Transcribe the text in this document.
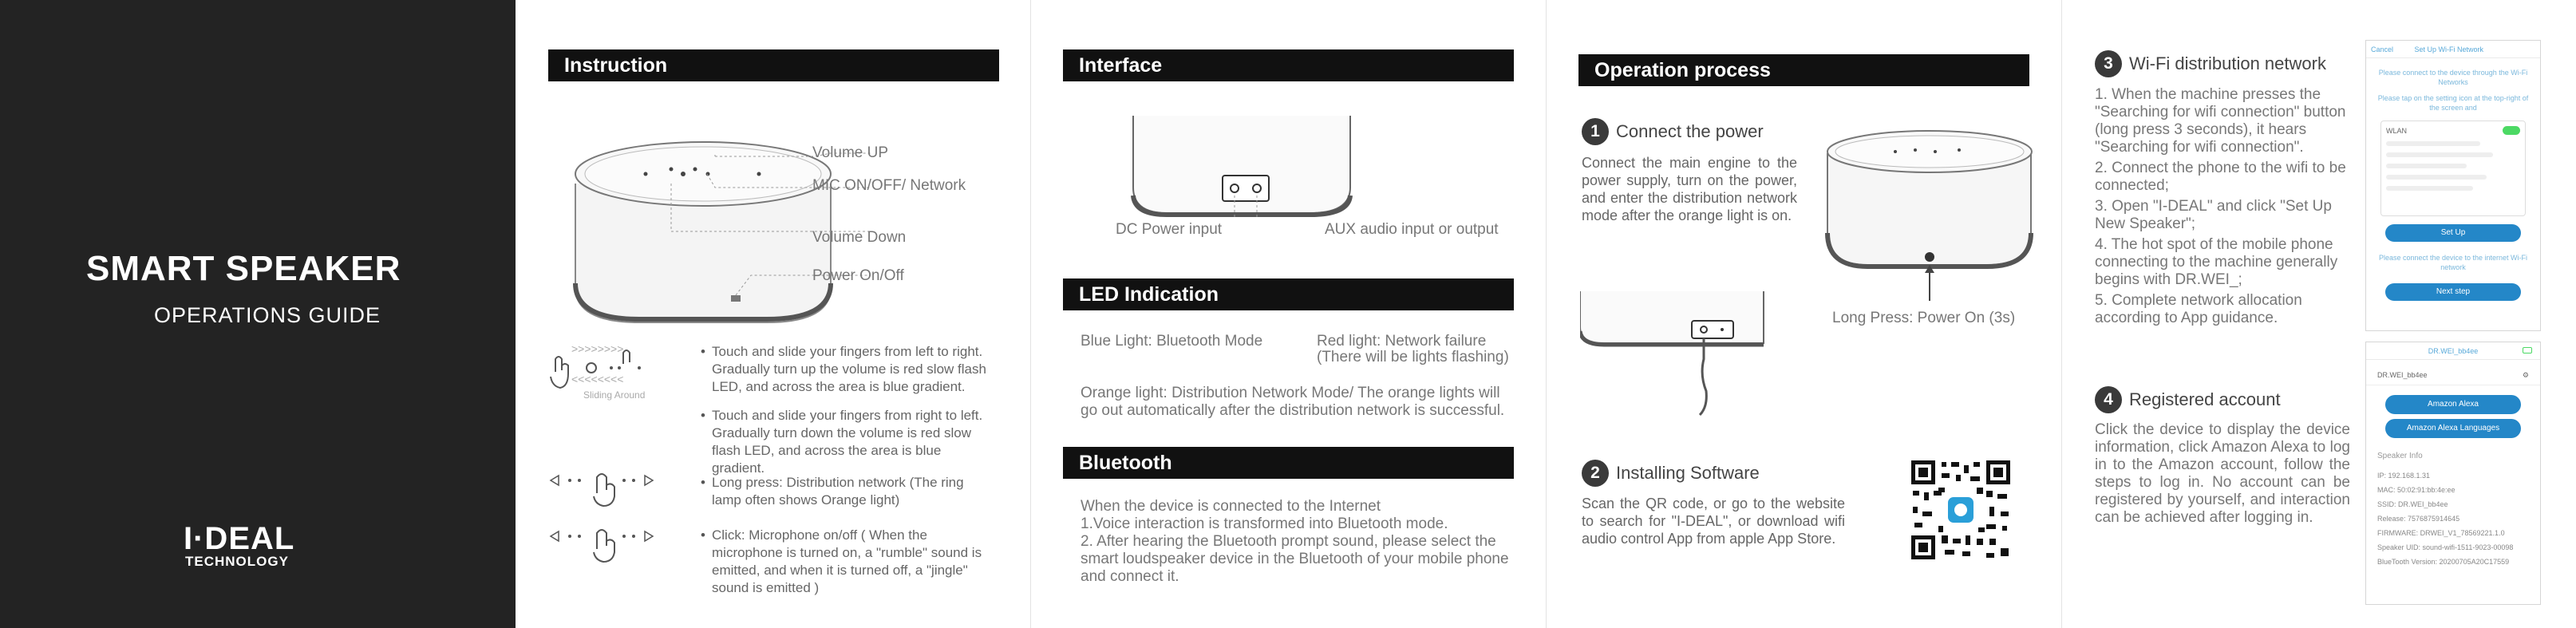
SMART SPEAKER
OPERATIONS GUIDE
I·DEAL
TECHNOLOGY
Instruction
Volume UP
MIC ON/OFF/ Network
Volume Down
Power On/Off
>>>>>>>>
<<<<<<<<
Sliding Around
• Touch and slide your fingers from left to right. Gradually turn up the volume is red slow flash LED, and across the area is blue gradient.
• Touch and slide your fingers from right to left. Gradually turn down the volume is red slow flash LED, and across the area is blue gradient.
• Long press: Distribution network (The ring lamp often shows Orange light)
• Click: Microphone on/off ( When the microphone is turned on, a "rumble" sound is emitted, and when it is turned off, a "jingle" sound is emitted )
Interface
DC Power input	AUX audio input or output
LED Indication
Blue Light: Bluetooth Mode	Red light: Network failure
(There will be lights flashing)
Orange light: Distribution Network Mode/ The orange lights will go out automatically after the distribution network is successful.
Bluetooth
When the device is connected to the Internet
1.Voice interaction is transformed into Bluetooth mode.
2. After hearing the Bluetooth prompt sound, please select the smart loudspeaker device in the Bluetooth of your mobile phone and connect it.
Operation process
1 Connect the power
Connect the main engine to the power supply, turn on the power, and enter the distribution network mode after the orange light is on.
Long Press: Power On (3s)
2 Installing Software
Scan the QR code, or go to the website to search for "I-DEAL", or download wifi audio control App from apple App Store.
3 Wi-Fi distribution network
1. When the machine presses the "Searching for wifi connection" button (long press 3 seconds), it hears "Searching for wifi connection".
2. Connect the phone to the wifi to be connected;
3. Open "I-DEAL" and click "Set Up New Speaker";
4. The hot spot of the mobile phone connecting to the machine generally begins with DR.WEI_;
5. Complete network allocation according to App guidance.
4 Registered account
Click the device to display the device information, click Amazon Alexa to log in to the Amazon account, follow the steps to log in. No account can be registered by yourself, and interaction can be achieved after logging in.
Cancel	Set Up Wi-Fi Network
Please connect to the device through the Wi-Fi Networks
Please tap on the setting icon at the top-right of the screen and
WLAN
Set Up
Please connect the device to the internet Wi-Fi network
Next step
DR.WEI_bb4ee
DR.WEI_bb4ee	⚙
Amazon Alexa
Amazon Alexa Languages
Speaker Info
IP: 192.168.1.31
MAC: 50:02:91:bb:4e:ee
SSID: DR.WEI_bb4ee
Release: 7576875914645
FIRMWARE: DRWEI_V1_78569221.1.0
Speaker UID: sound-wifi-1511-9023-00098
BlueTooth Version: 20200705A20C17559
